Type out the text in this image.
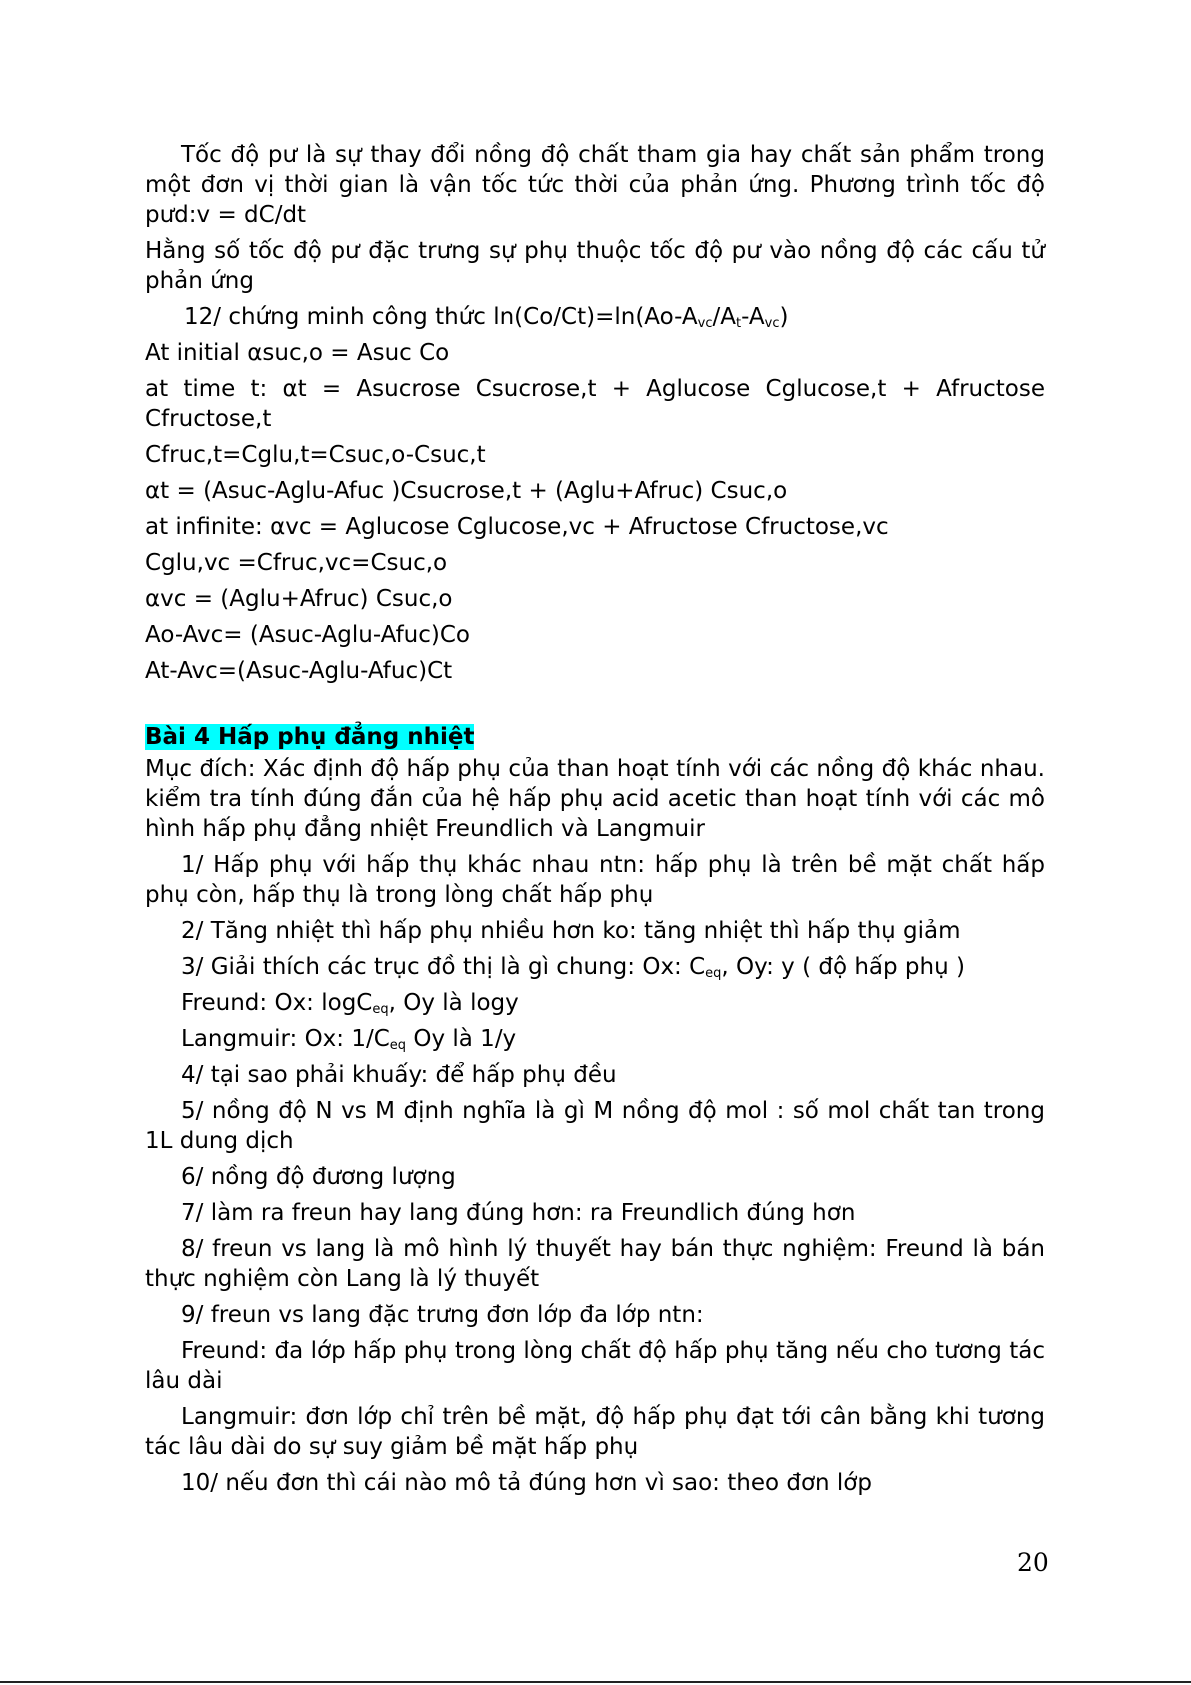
Tốc độ pư là sự thay đổi nồng độ chất tham gia hay chất sản phẩm trong một đơn vị thời gian là vận tốc tức thời của phản ứng. Phương trình tốc độ pưd:v = dC/dt

Hằng số tốc độ pư đặc trưng sự phụ thuộc tốc độ pư vào nồng độ các cấu tử phản ứng

12/ chứng minh công thức $\ln(Co/Ct)=\ln(Ao-A_{vc}/A_t-A_{vc})$

At initial αsuc,o = Asuc Co

at time t: αt = Asucrose Csucrose,t + Aglucose Cglucose,t + Afructose Cfructose,t

Cfruc,t=Cglu,t=Csuc,o-Csuc,t

αt = (Asuc-Aglu-Afuc )Csucrose,t + (Aglu+Afruc) Csuc,o

at infinite: αvc = Aglucose Cglucose,vc + Afructose Cfructose,vc

Cglu,vc =Cfruc,vc=Csuc,o

αvc = (Aglu+Afruc) Csuc,o

Ao-Avc= (Asuc-Aglu-Afuc)Co

At-Avc=(Asuc-Aglu-Afuc)Ct

Bài 4 Hấp phụ đẳng nhiệt

Mục đích: Xác định độ hấp phụ của than hoạt tính với các nồng độ khác nhau. kiểm tra tính đúng đắn của hệ hấp phụ acid acetic than hoạt tính với các mô hình hấp phụ đẳng nhiệt Freundlich và Langmuir

1/ Hấp phụ với hấp thụ khác nhau ntn: hấp phụ là trên bề mặt chất hấp phụ còn, hấp thụ là trong lòng chất hấp phụ

2/ Tăng nhiệt thì hấp phụ nhiều hơn ko: tăng nhiệt thì hấp thụ giảm

3/ Giải thích các trục đồ thị là gì chung: Ox: $C_{eq}$, Oy: y ( độ hấp phụ )

Freund: Ox: logC$_{eq}$, Oy là logy

Langmuir: Ox: $1/C_{eq}$ Oy là 1/y

4/ tại sao phải khuấy: để hấp phụ đều

5/ nồng độ N vs M định nghĩa là gì M nồng độ mol : số mol chất tan trong 1L dung dịch

6/ nồng độ đương lượng

7/ làm ra freun hay lang đúng hơn: ra Freundlich đúng hơn

8/ freun vs lang là mô hình lý thuyết hay bán thực nghiệm: Freund là bán thực nghiệm còn Lang là lý thuyết

9/ freun vs lang đặc trưng đơn lớp đa lớp ntn:

Freund: đa lớp hấp phụ trong lòng chất độ hấp phụ tăng nếu cho tương tác lâu dài

Langmuir: đơn lớp chỉ trên bề mặt, độ hấp phụ đạt tới cân bằng khi tương tác lâu dài do sự suy giảm bề mặt hấp phụ

10/ nếu đơn thì cái nào mô tả đúng hơn vì sao: theo đơn lớp

20
